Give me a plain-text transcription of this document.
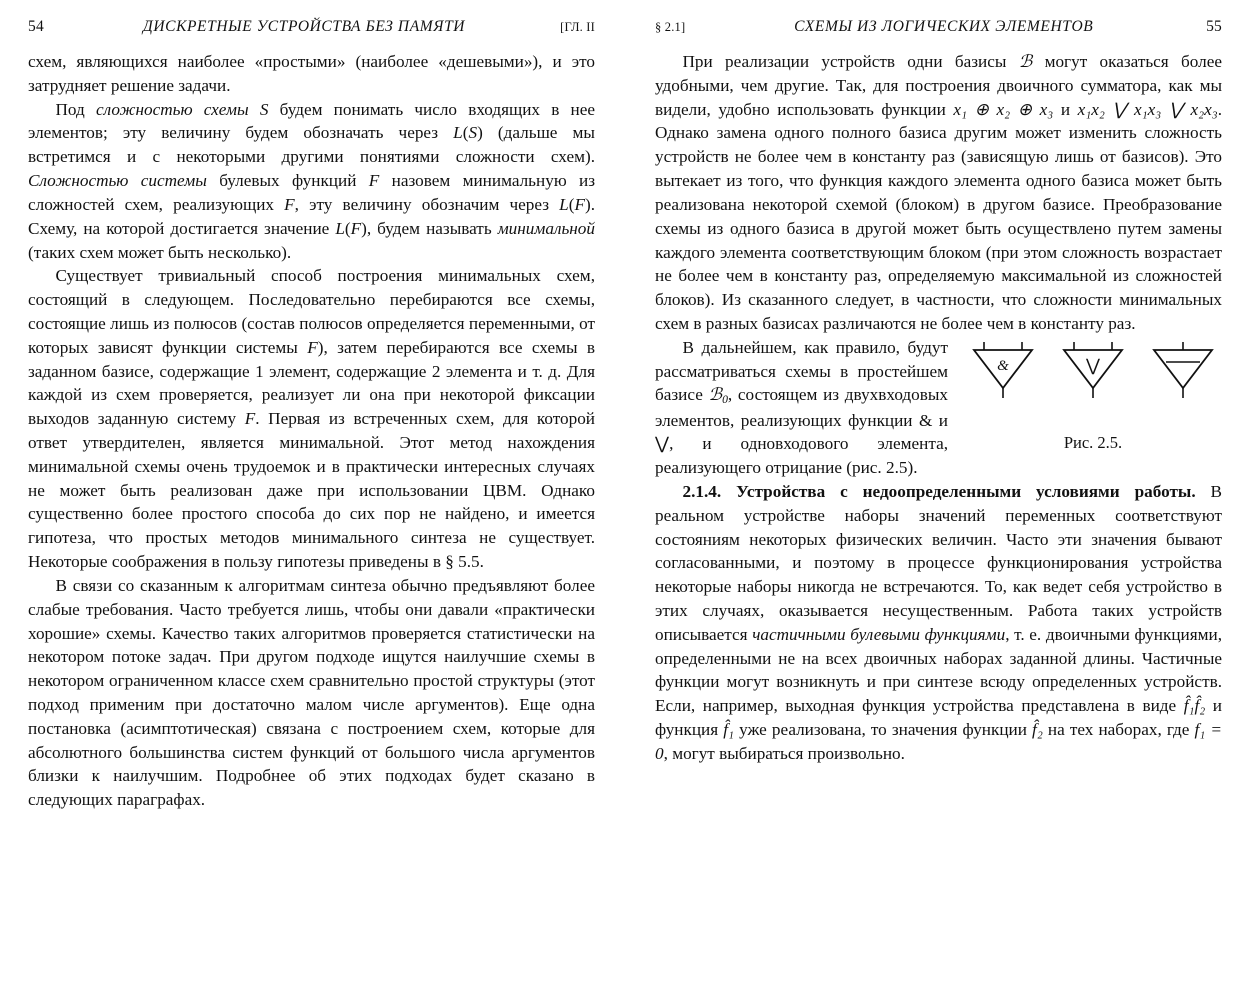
54	ДИСКРЕТНЫЕ УСТРОЙСТВА БЕЗ ПАМЯТИ	[ГЛ. II

схем, являющихся наиболее «простыми» (наиболее «дешевыми»), и это затрудняет решение задачи.

Под сложностью схемы S будем понимать число входящих в нее элементов; эту величину будем обозначать через L(S) (дальше мы встретимся и с некоторыми другими понятиями сложности схем). Сложностью системы булевых функций F назовем минимальную из сложностей схем, реализующих F, эту величину обозначим через L(F). Схему, на которой достигается значение L(F), будем называть минимальной (таких схем может быть несколько).

Существует тривиальный способ построения минимальных схем, состоящий в следующем. Последовательно перебираются все схемы, состоящие лишь из полюсов (состав полюсов определяется переменными, от которых зависят функции системы F), затем перебираются все схемы в заданном базисе, содержащие 1 элемент, содержащие 2 элемента и т. д. Для каждой из схем проверяется, реализует ли она при некоторой фиксации выходов заданную систему F. Первая из встреченных схем, для которой ответ утвердителен, является минимальной. Этот метод нахождения минимальной схемы очень трудоемок и в практически интересных случаях не может быть реализован даже при использовании ЦВМ. Однако существенно более простого способа до сих пор не найдено, и имеется гипотеза, что простых методов минимального синтеза не существует. Некоторые соображения в пользу гипотезы приведены в § 5.5.

В связи со сказанным к алгоритмам синтеза обычно предъявляют более слабые требования. Часто требуется лишь, чтобы они давали «практически хорошие» схемы. Качество таких алгоритмов проверяется статистически на некотором потоке задач. При другом подходе ищутся наилучшие схемы в некотором ограниченном классе схем сравнительно простой структуры (этот подход применим при достаточно малом числе аргументов). Еще одна постановка (асимптотическая) связана с построением схем, которые для абсолютного большинства систем функций от большого числа аргументов близки к наилучшим. Подробнее об этих подходах будет сказано в следующих параграфах.

§ 2.1]	СХЕМЫ ИЗ ЛОГИЧЕСКИХ ЭЛЕМЕНТОВ	55

При реализации устройств одни базисы ℬ могут оказаться более удобными, чем другие. Так, для построения двоичного сумматора, как мы видели, удобно использовать функции x₁ ⊕ x₂ ⊕ x₃ и x₁x₂ ⋁ x₁x₃ ⋁ x₂x₃. Однако замена одного полного базиса другим может изменить сложность устройств не более чем в константу раз (зависящую лишь от базисов). Это вытекает из того, что функция каждого элемента одного базиса может быть реализована некоторой схемой (блоком) в другом базисе. Преобразование схемы из одного базиса в другой может быть осуществлено путем замены каждого элемента соответствующим блоком (при этом сложность возрастает не более чем в константу раз, определяемую максимальной из сложностей блоков). Из сказанного следует, в частности, что сложности минимальных схем в разных базисах различаются не более чем в константу раз.

&	⋁
Рис. 2.5.

В дальнейшем, как правило, будут рассматриваться схемы в простейшем базисе ℬ$_0$, состоящем из двухвходовых элементов, реализующих функции & и ⋁, и одновходового элемента, реализующего отрицание (рис. 2.5).

2.1.4. Устройства с недоопределенными условиями работы. В реальном устройстве наборы значений переменных соответствуют состояниям некоторых физических величин. Часто эти значения бывают согласованными, и поэтому в процессе функционирования устройства некоторые наборы никогда не встречаются. То, как ведет себя устройство в этих случаях, оказывается несущественным. Работа таких устройств описывается частичными булевыми функциями, т. е. двоичными функциями, определенными не на всех двоичных наборах заданной длины. Частичные функции могут возникнуть и при синтезе всюду определенных устройств. Если, например, выходная функция устройства представлена в виде f̂₁f̂₂ и функция f̂₁ уже реализована, то значения функции f̂₂ на тех наборах, где f₁ = 0, могут выбираться произвольно.
